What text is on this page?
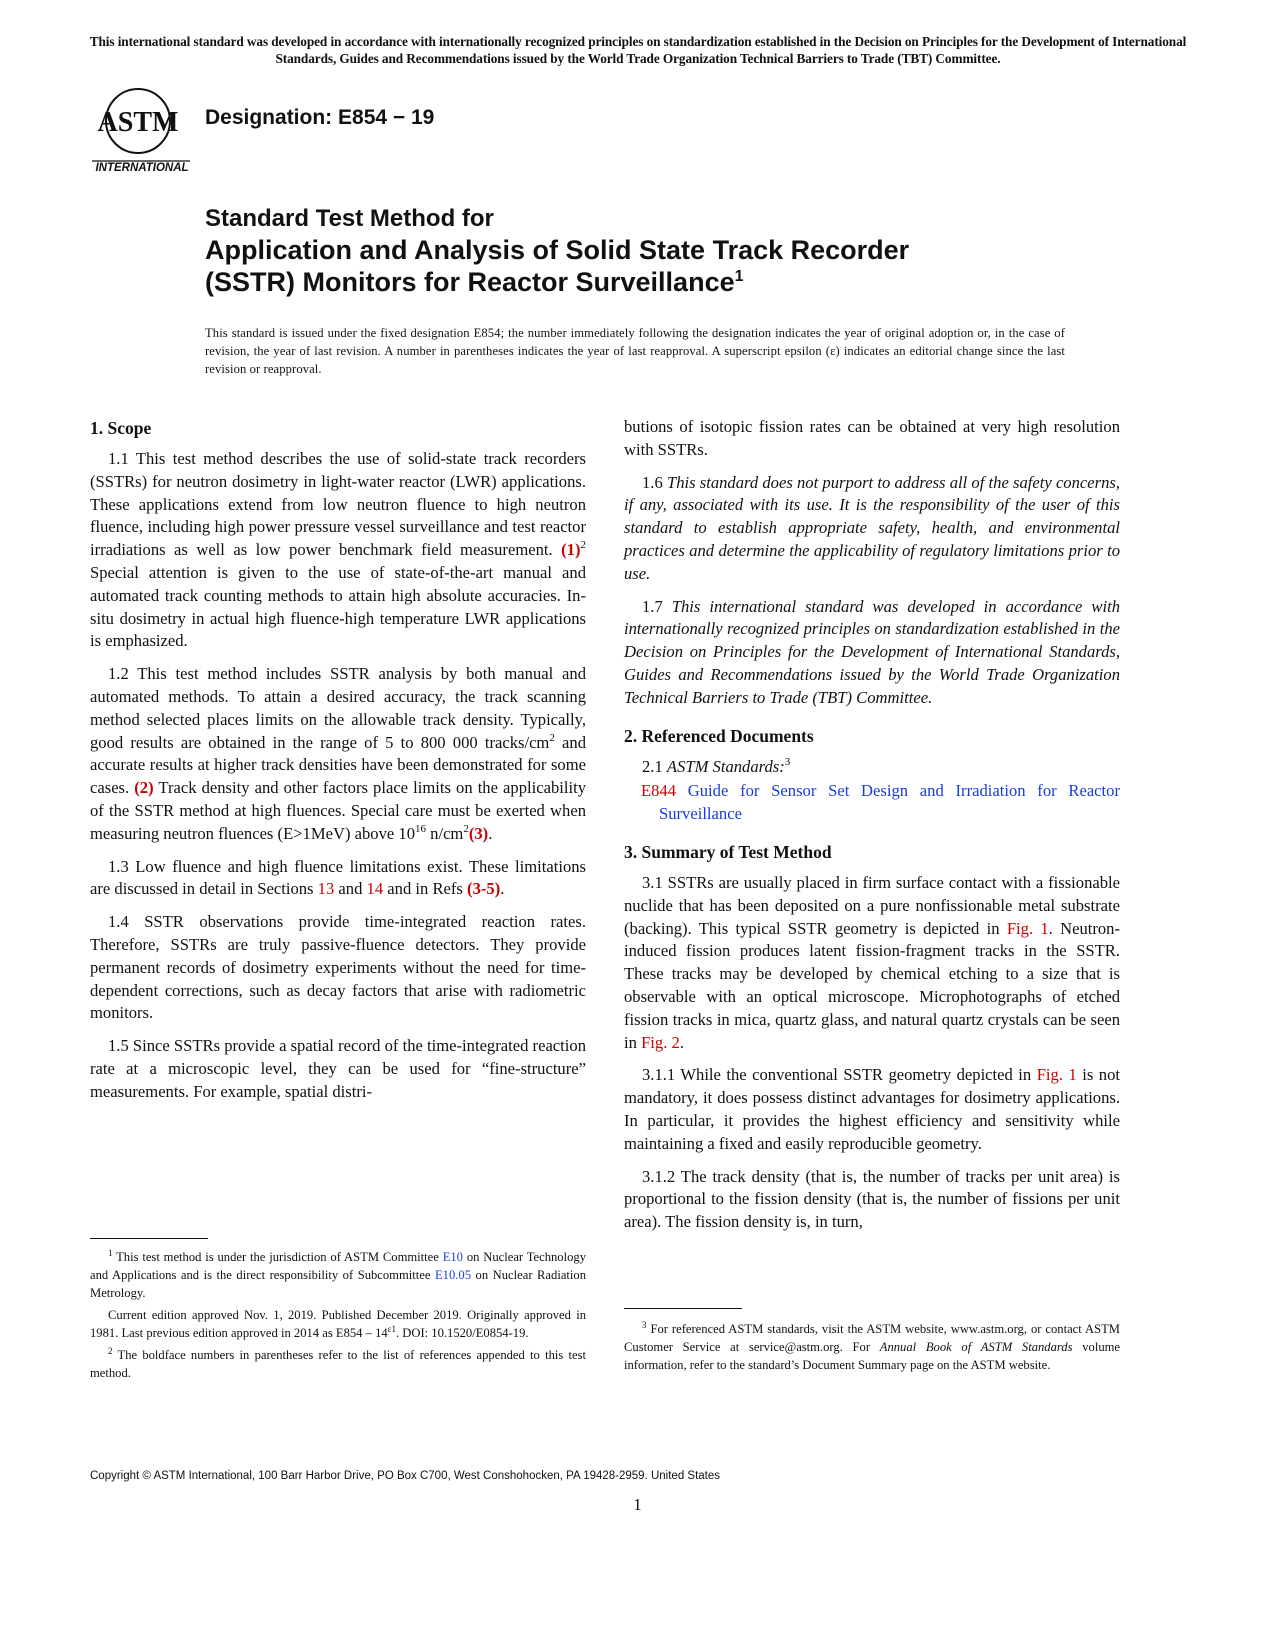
This international standard was developed in accordance with internationally recognized principles on standardization established in the Decision on Principles for the Development of International Standards, Guides and Recommendations issued by the World Trade Organization Technical Barriers to Trade (TBT) Committee.
ASTM
INTERNATIONAL
Designation: E854 − 19
Standard Test Method for
Application and Analysis of Solid State Track Recorder
(SSTR) Monitors for Reactor Surveillance$^1$
This standard is issued under the fixed designation E854; the number immediately following the designation indicates the year of original adoption or, in the case of revision, the year of last revision. A number in parentheses indicates the year of last reapproval. A superscript epsilon (ε) indicates an editorial change since the last revision or reapproval.
1. Scope

1.1 This test method describes the use of solid-state track recorders (SSTRs) for neutron dosimetry in light-water reactor (LWR) applications. These applications extend from low neutron fluence to high neutron fluence, including high power pressure vessel surveillance and test reactor irradiations as well as low power benchmark field measurement. $(1)^2$ Special attention is given to the use of state-of-the-art manual and automated track counting methods to attain high absolute accuracies. In-situ dosimetry in actual high fluence-high temperature LWR applications is emphasized.

1.2 This test method includes SSTR analysis by both manual and automated methods. To attain a desired accuracy, the track scanning method selected places limits on the allowable track density. Typically, good results are obtained in the range of 5 to 800 000 tracks/$cm^2$ and accurate results at higher track densities have been demonstrated for some cases. (2) Track density and other factors place limits on the applicability of the SSTR method at high fluences. Special care must be exerted when measuring neutron fluences (E>1MeV) above $10^{16}$ $n/cm^2(3)$.

1.3 Low fluence and high fluence limitations exist. These limitations are discussed in detail in Sections 13 and 14 and in Refs (3-5).

1.4 SSTR observations provide time-integrated reaction rates. Therefore, SSTRs are truly passive-fluence detectors. They provide permanent records of dosimetry experiments without the need for time-dependent corrections, such as decay factors that arise with radiometric monitors.

1.5 Since SSTRs provide a spatial record of the time-integrated reaction rate at a microscopic level, they can be used for “fine-structure” measurements. For example, spatial distri-

butions of isotopic fission rates can be obtained at very high resolution with SSTRs.

1.6 This standard does not purport to address all of the safety concerns, if any, associated with its use. It is the responsibility of the user of this standard to establish appropriate safety, health, and environmental practices and determine the applicability of regulatory limitations prior to use.

1.7 This international standard was developed in accordance with internationally recognized principles on standardization established in the Decision on Principles for the Development of International Standards, Guides and Recommendations issued by the World Trade Organization Technical Barriers to Trade (TBT) Committee.

2. Referenced Documents

2.1 ASTM Standards:$^3$

E844 Guide for Sensor Set Design and Irradiation for Reactor Surveillance
3. Summary of Test Method

3.1 SSTRs are usually placed in firm surface contact with a fissionable nuclide that has been deposited on a pure nonfissionable metal substrate (backing). This typical SSTR geometry is depicted in Fig. 1. Neutron-induced fission produces latent fission-fragment tracks in the SSTR. These tracks may be developed by chemical etching to a size that is observable with an optical microscope. Microphotographs of etched fission tracks in mica, quartz glass, and natural quartz crystals can be seen in Fig. 2.

3.1.1 While the conventional SSTR geometry depicted in Fig. 1 is not mandatory, it does possess distinct advantages for dosimetry applications. In particular, it provides the highest efficiency and sensitivity while maintaining a fixed and easily reproducible geometry.

3.1.2 The track density (that is, the number of tracks per unit area) is proportional to the fission density (that is, the number of fissions per unit area). The fission density is, in turn,

$^1$ This test method is under the jurisdiction of ASTM Committee E10 on Nuclear Technology and Applications and is the direct responsibility of Subcommittee E10.05 on Nuclear Radiation Metrology.

Current edition approved Nov. 1, 2019. Published December 2019. Originally approved in 1981. Last previous edition approved in 2014 as $E854 - 14^{\varepsilon 1}$. DOI: 10.1520/E0854-19.

$^2$ The boldface numbers in parentheses refer to the list of references appended to this test method.

$^3$ For referenced ASTM standards, visit the ASTM website, www.astm.org, or contact ASTM Customer Service at service@astm.org. For Annual Book of ASTM Standards volume information, refer to the standard’s Document Summary page on the ASTM website.

Copyright © ASTM International, 100 Barr Harbor Drive, PO Box C700, West Conshohocken, PA 19428-2959. United States
1
